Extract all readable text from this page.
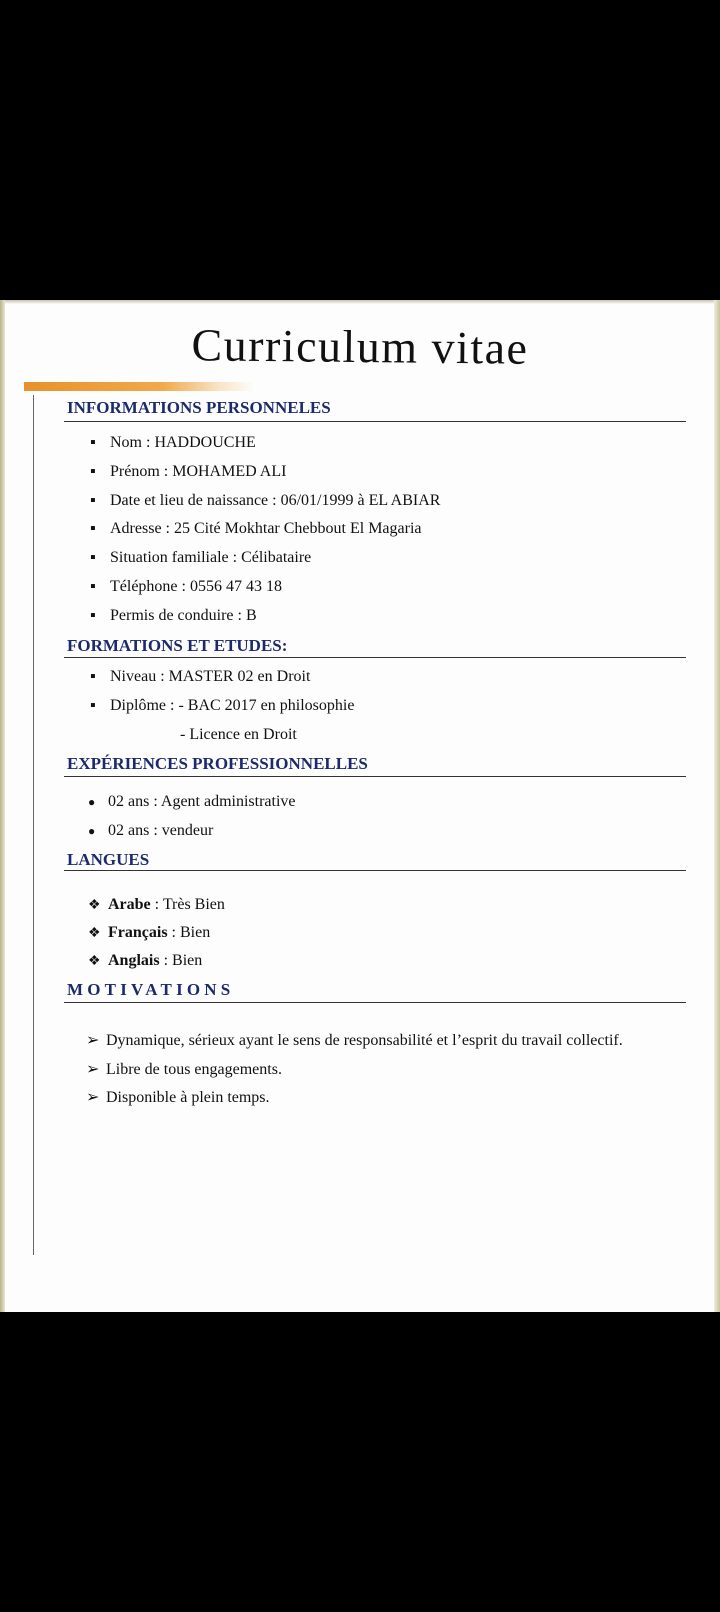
Curriculum vitae
INFORMATIONS PERSONNELES
▪Nom : HADDOUCHE
▪Prénom : MOHAMED ALI
▪Date et lieu de naissance : 06/01/1999 à EL ABIAR
▪Adresse : 25 Cité Mokhtar Chebbout El Magaria
▪Situation familiale : Célibataire
▪Téléphone : 0556 47 43 18
▪Permis de conduire : B
FORMATIONS ET ETUDES:
▪Niveau : MASTER 02 en Droit
▪Diplôme : - BAC 2017 en philosophie
- Licence en Droit
EXPÉRIENCES PROFESSIONNELLES
●02 ans : Agent administrative
●02 ans : vendeur
LANGUES
❖Arabe : Très Bien
❖Français : Bien
❖Anglais : Bien
MOTIVATIONS
➢Dynamique, sérieux ayant le sens de responsabilité et l’esprit du travail collectif.
➢Libre de tous engagements.
➢Disponible à plein temps.
